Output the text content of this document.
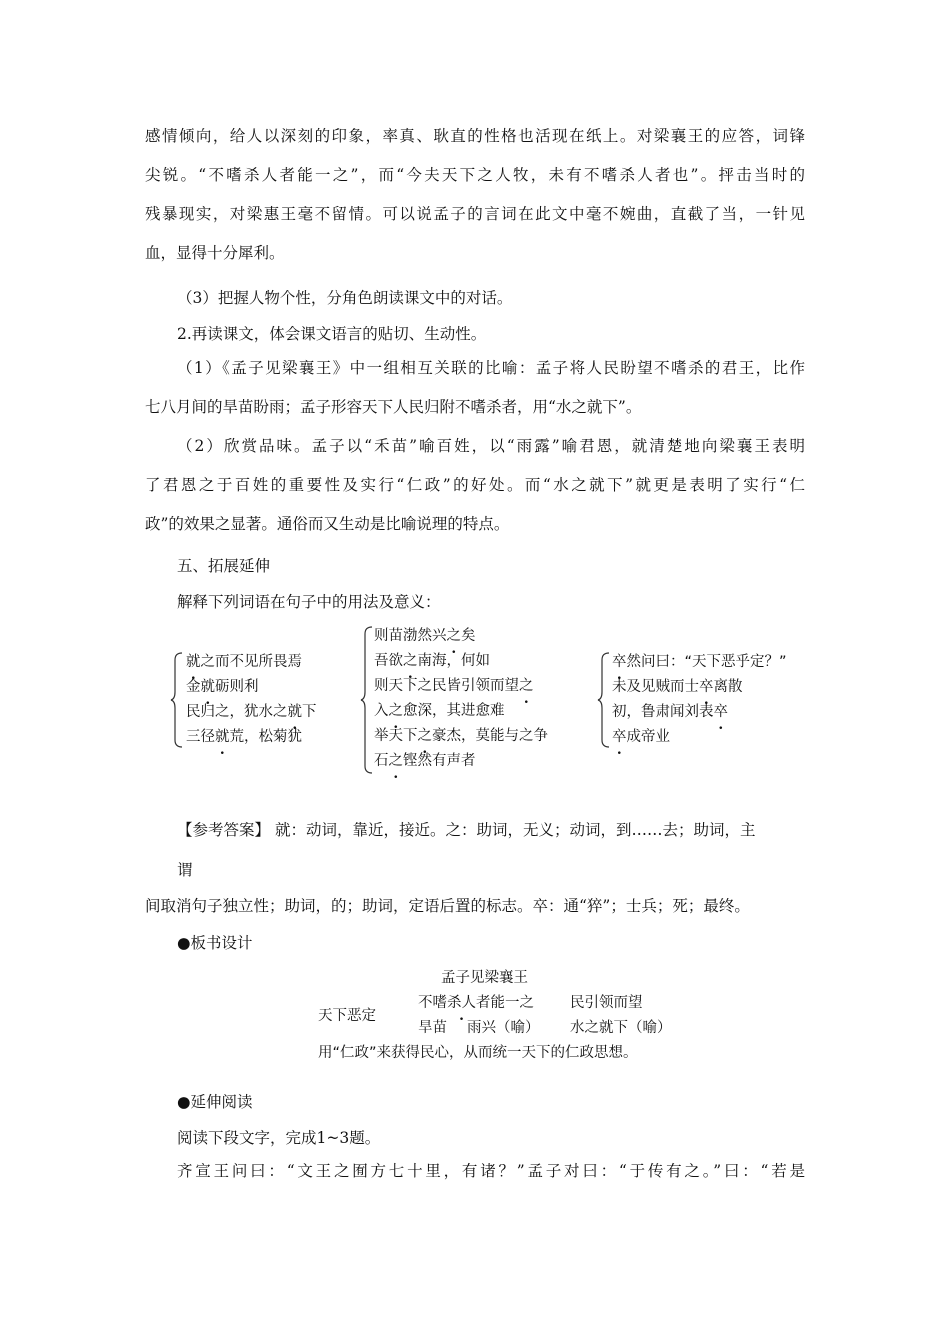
感情倾向，给人以深刻的印象，率真、耿直的性格也活现在纸上。对梁襄王的应答，词锋
尖锐。“不嗜杀人者能一之”，而“今夫天下之人牧，未有不嗜杀人者也”。抨击当时的
残暴现实，对梁惠王毫不留情。可以说孟子的言词在此文中毫不婉曲，直截了当，一针见
血，显得十分犀利。
（3）把握人物个性，分角色朗读课文中的对话。
2.再读课文，体会课文语言的贴切、生动性。
（1）《孟子见梁襄王》中一组相互关联的比喻：孟子将人民盼望不嗜杀的君王，比作
七八月间的旱苗盼雨；孟子形容天下人民归附不嗜杀者，用“水之就下”。
（2）欣赏品味。孟子以“禾苗”喻百姓，以“雨露”喻君恩，就清楚地向梁襄王表明
了君恩之于百姓的重要性及实行“仁政”的好处。而“水之就下”就更是表明了实行“仁
政”的效果之显著。通俗而又生动是比喻说理的特点。
五、拓展延伸
解释下列词语在句子中的用法及意义：
就之而不见所畏焉
金就砺则利
民归之，犹水之就下
三径就荒，松菊犹
则苗渤然兴之矣
吾欲之南海，何如
则天下之民皆引领而望之
入之愈深，其进愈难
举天下之豪杰，莫能与之争
石之铿然有声者
卒然问曰：“天下恶乎定？”
未及见贼而士卒离散
初，鲁肃闻刘表卒
卒成帝业
【参考答案】 就：动词，靠近，接近。之：助词，无义；动词，到……去；助词，主
谓
间取消句子独立性；助词，的；助词，定语后置的标志。卒：通“猝”；士兵；死；最终。
●板书设计
孟子见梁襄王
天下恶定
不嗜杀人者能一之 民引领而望
旱苗 雨兴（喻） 水之就下（喻）
用“仁政”来获得民心，从而统一天下的仁政思想。
●延伸阅读
阅读下段文字，完成1~3题。
齐宣王问曰：“文王之囿方七十里，有诸？”孟子对曰：“于传有之。”曰：“若是
